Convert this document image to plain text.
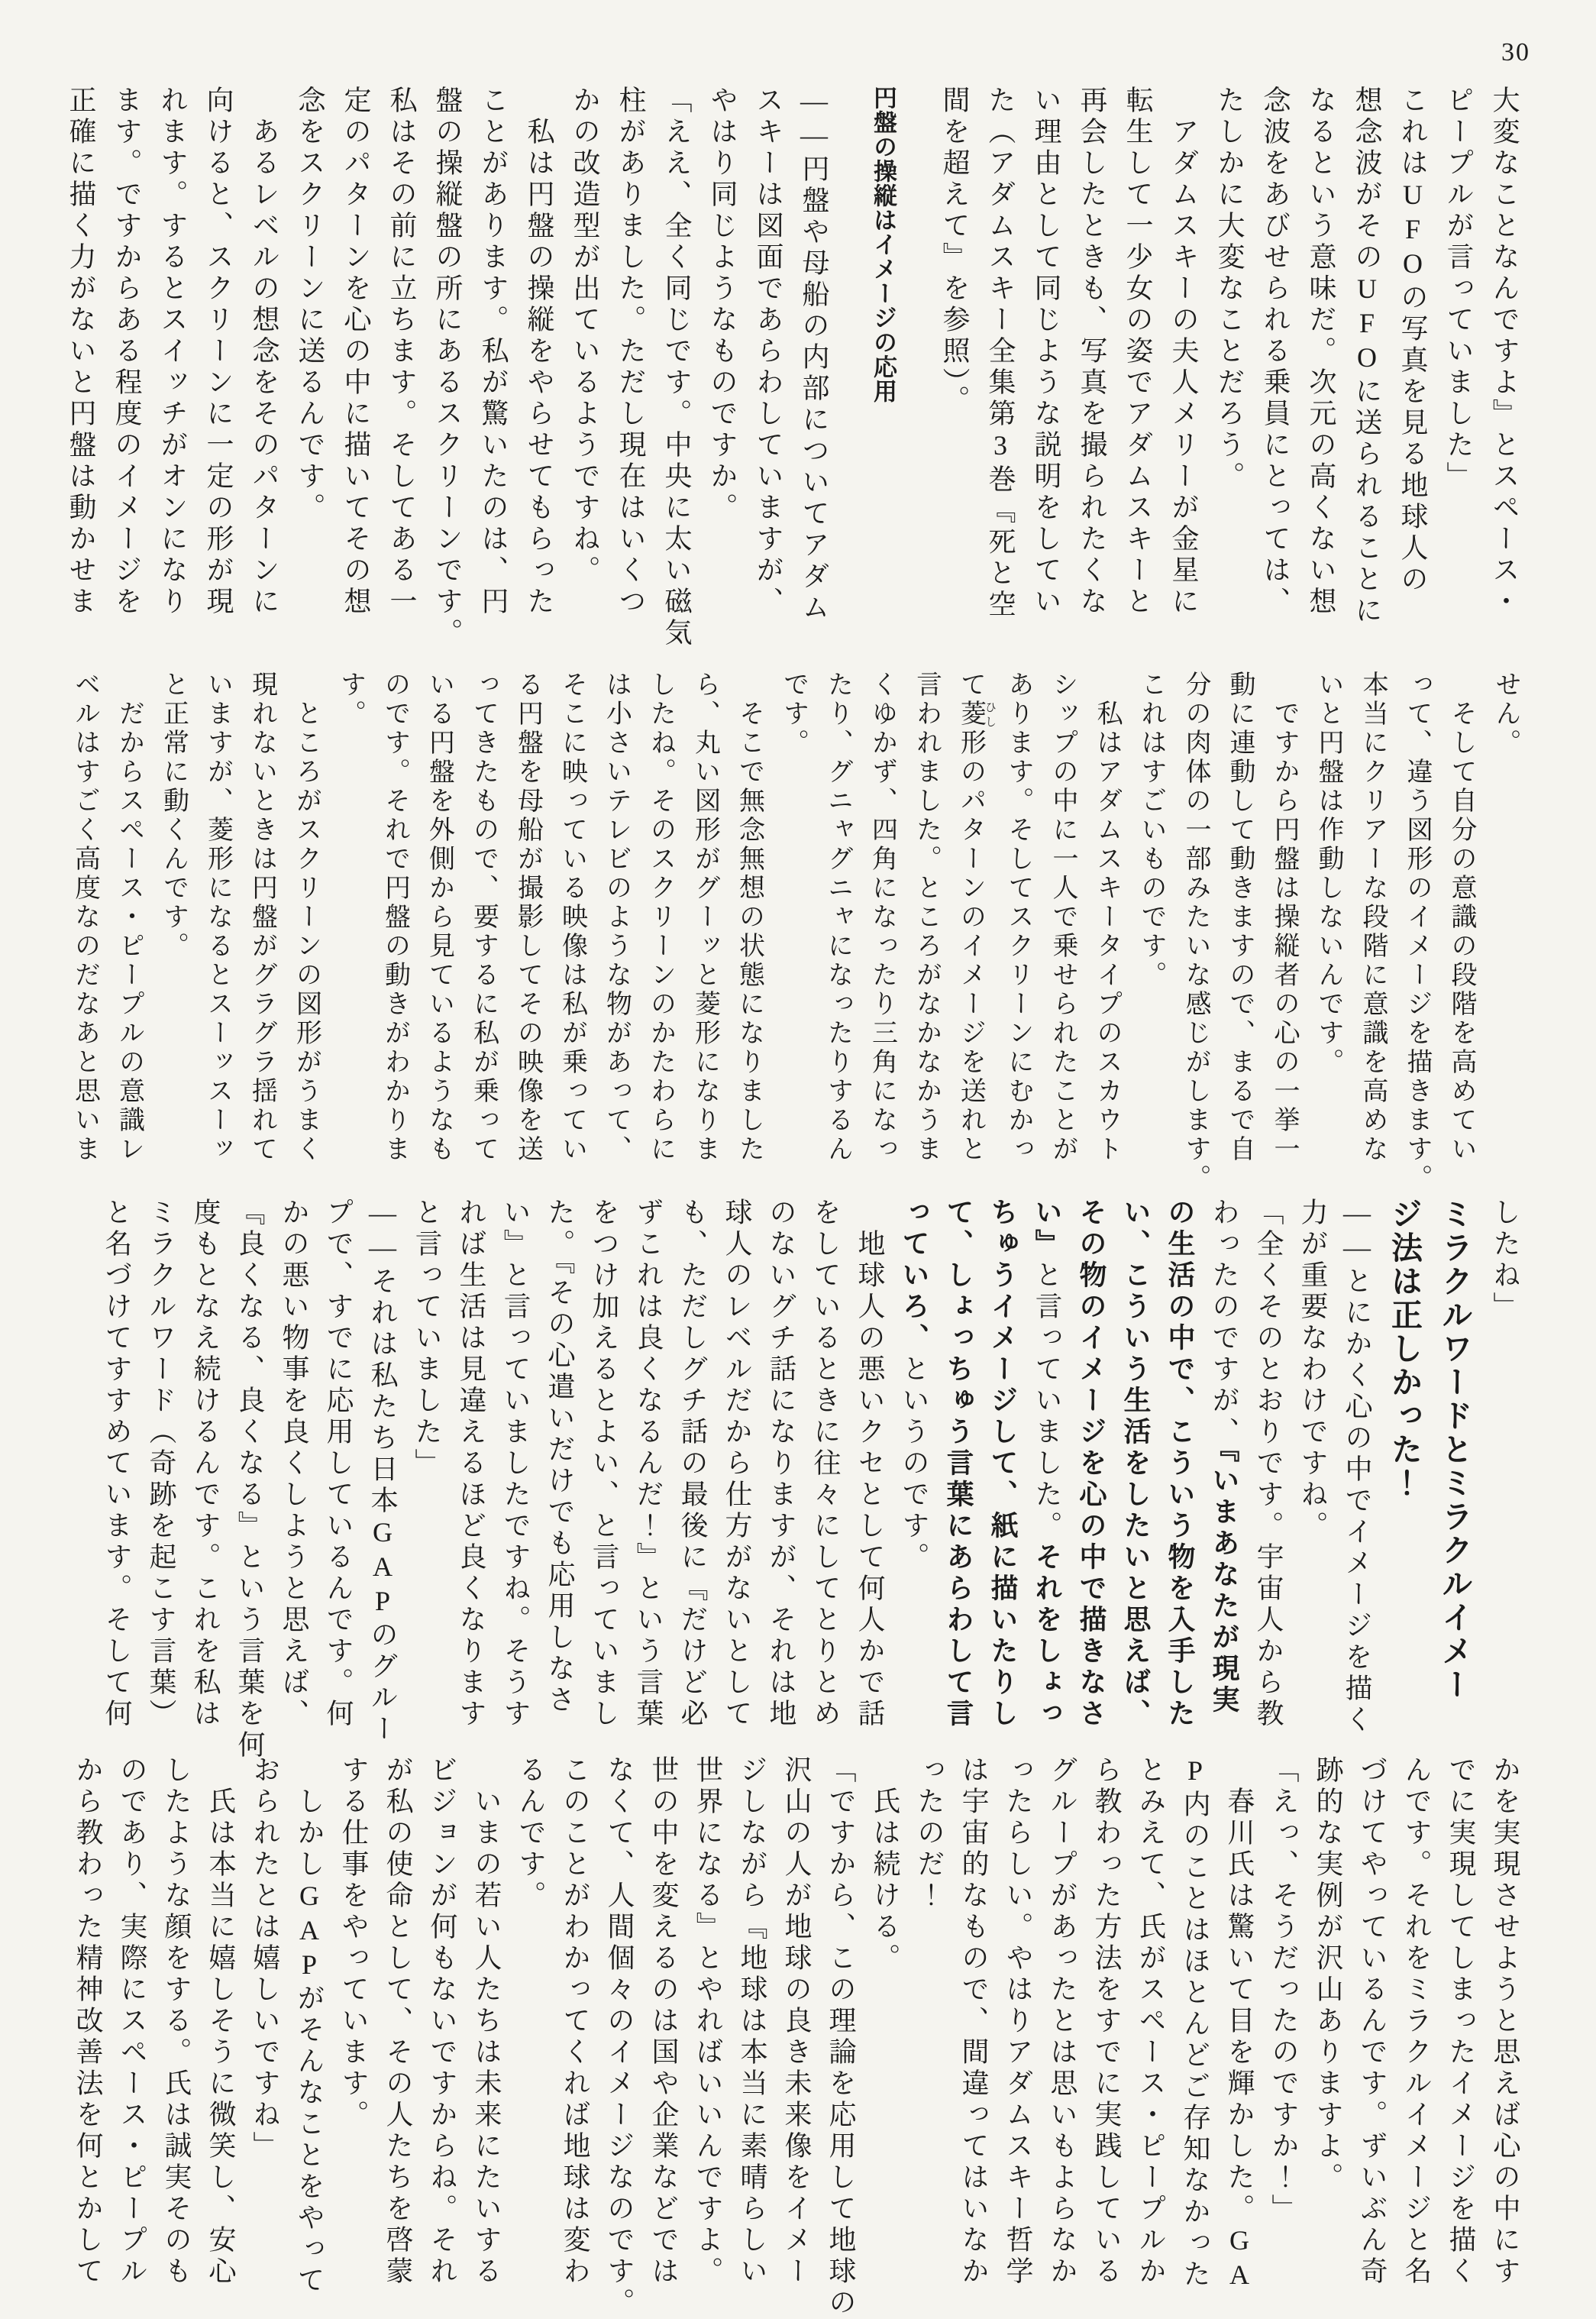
30

大変なことなんですよ』とスペース・

ピープルが言っていました」

これはUFOの写真を見る地球人の

想念波がそのUFOに送られることに

なるという意味だ。次元の高くない想

念波をあびせられる乗員にとっては、

たしかに大変なことだろう。

アダムスキーの夫人メリーが金星に

転生して一少女の姿でアダムスキーと

再会したときも、写真を撮られたくな

い理由として同じような説明をしてい

た（アダムスキー全集第3巻『死と空

間を超えて』を参照）。

円盤の操縦はイメージの応用

——円盤や母船の内部についてアダム

スキーは図面であらわしていますが、

やはり同じようなものですか。

「ええ、全く同じです。中央に太い磁気

柱がありました。ただし現在はいくつ

かの改造型が出ているようですね。

私は円盤の操縦をやらせてもらった

ことがあります。私が驚いたのは、円

盤の操縦盤の所にあるスクリーンです。

私はその前に立ちます。そしてある一

定のパターンを心の中に描いてその想

念をスクリーンに送るんです。

あるレベルの想念をそのパターンに

向けると、スクリーンに一定の形が現

れます。するとスイッチがオンになり

ます。ですからある程度のイメージを

正確に描く力がないと円盤は動かせま

せん。

そして自分の意識の段階を高めてい

って、違う図形のイメージを描きます。

本当にクリアーな段階に意識を高めな

いと円盤は作動しないんです。

ですから円盤は操縦者の心の一挙一

動に連動して動きますので、まるで自

分の肉体の一部みたいな感じがします。

これはすごいものです。

私はアダムスキータイプのスカウト

シップの中に一人で乗せられたことが

あります。そしてスクリーンにむかっ

て菱ひし形のパターンのイメージを送れと

言われました。ところがなかなかうま

くゆかず、四角になったり三角になっ

たり、グニャグニャになったりするん

です。

そこで無念無想の状態になりました

ら、丸い図形がグーッと菱形になりま

したね。そのスクリーンのかたわらに

は小さいテレビのような物があって、

そこに映っている映像は私が乗ってい

る円盤を母船が撮影してその映像を送

ってきたもので、要するに私が乗って

いる円盤を外側から見ているようなも

のです。それで円盤の動きがわかりま

す。

ところがスクリーンの図形がうまく

現れないときは円盤がグラグラ揺れて

いますが、菱形になるとスーッスーッ

と正常に動くんです。

だからスペース・ピープルの意識レ

ベルはすごく高度なのだなあと思いま

したね」

ミラクルワードとミラクルイメー

ジ法は正しかった！

——とにかく心の中でイメージを描く

力が重要なわけですね。

「全くそのとおりです。宇宙人から教

わったのですが、『いまあなたが現実

の生活の中で、こういう物を入手した

い、こういう生活をしたいと思えば、

その物のイメージを心の中で描きなさ

い』と言っていました。それをしょっ

ちゅうイメージして、紙に描いたりし

て、しょっちゅう言葉にあらわして言

っていろ、というのです。

地球人の悪いクセとして何人かで話

をしているときに往々にしてとりとめ

のないグチ話になりますが、それは地

球人のレベルだから仕方がないとして

も、ただしグチ話の最後に『だけど必

ずこれは良くなるんだ！』という言葉

をつけ加えるとよい、と言っていまし

た。『その心遣いだけでも応用しなさ

い』と言っていましたですね。そうす

れば生活は見違えるほど良くなります

と言っていました」

——それは私たち日本GAPのグルー

プで、すでに応用しているんです。何

かの悪い物事を良くしようと思えば、

『良くなる、良くなる』という言葉を何

度もとなえ続けるんです。これを私は

ミラクルワード（奇跡を起こす言葉）

と名づけてすすめています。そして何

かを実現させようと思えば心の中にす

でに実現してしまったイメージを描く

んです。それをミラクルイメージと名

づけてやっているんです。ずいぶん奇

跡的な実例が沢山ありますよ。

「えっ、そうだったのですか！」

春川氏は驚いて目を輝かした。GA

P内のことはほとんどご存知なかった

とみえて、氏がスペース・ピープルか

ら教わった方法をすでに実践している

グループがあったとは思いもよらなか

ったらしい。やはりアダムスキー哲学

は宇宙的なもので、間違ってはいなか

ったのだ！

氏は続ける。

「ですから、この理論を応用して地球の

沢山の人が地球の良き未来像をイメー

ジしながら『地球は本当に素晴らしい

世界になる』とやればいいんですよ。

世の中を変えるのは国や企業などでは

なくて、人間個々のイメージなのです。

このことがわかってくれば地球は変わ

るんです。

いまの若い人たちは未来にたいする

ビジョンが何もないですからね。それ

が私の使命として、その人たちを啓蒙

する仕事をやっています。

しかしGAPがそんなことをやって

おられたとは嬉しいですね」

氏は本当に嬉しそうに微笑し、安心

したような顔をする。氏は誠実そのも

のであり、実際にスペース・ピープル

から教わった精神改善法を何とかして
